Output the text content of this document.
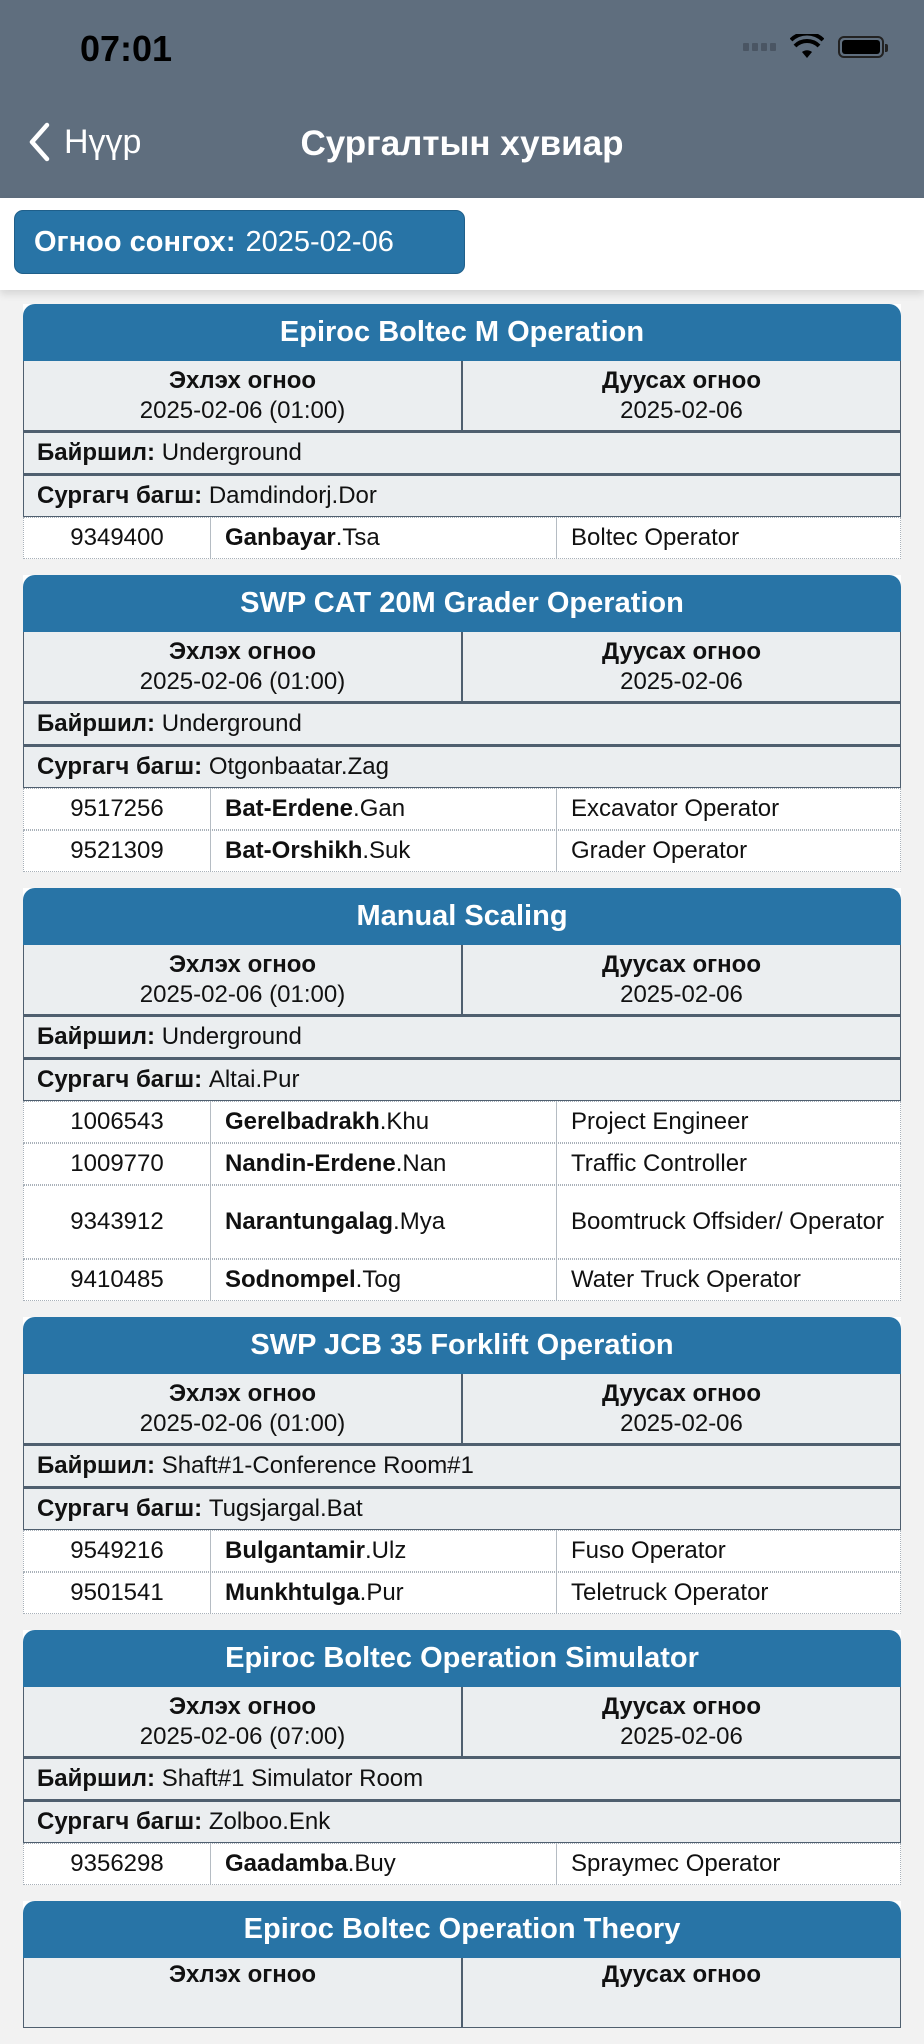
07:01
Нүүр	Сургалтын хувиар
Огноо сонгох: 2025-02-06
Epiroc Boltec M Operation
Эхлэх огноо
2025-02-06 (01:00)
Дуусах огноо
2025-02-06
Байршил:
Underground
Сургагч багш:
Damdindorj.Dor
9349400	Ganbayar .Tsa	Boltec Operator
SWP CAT 20M Grader Operation
Эхлэх огноо
2025-02-06 (01:00)
Дуусах огноо
2025-02-06
Байршил:
Underground
Сургагч багш:
Otgonbaatar.Zag
9517256	Bat-Erdene .Gan	Excavator Operator
9521309	Bat-Orshikh .Suk	Grader Operator
Manual Scaling
Эхлэх огноо
2025-02-06 (01:00)
Дуусах огноо
2025-02-06
Байршил:
Underground
Сургагч багш:
Altai.Pur
1006543	Gerelbadrakh .Khu	Project Engineer
1009770	Nandin-Erdene .Nan	Traffic Controller
9343912	Narantungalag .Mya	Boomtruck Offsider/ Operator
9410485	Sodnompel .Tog	Water Truck Operator
SWP JCB 35 Forklift Operation
Эхлэх огноо
2025-02-06 (01:00)
Дуусах огноо
2025-02-06
Байршил:
Shaft#1-Conference Room#1
Сургагч багш:
Tugsjargal.Bat
9549216	Bulgantamir .Ulz	Fuso Operator
9501541	Munkhtulga .Pur	Teletruck Operator
Epiroc Boltec Operation Simulator
Эхлэх огноо
2025-02-06 (07:00)
Дуусах огноо
2025-02-06
Байршил:
Shaft#1 Simulator Room
Сургагч багш:
Zolboo.Enk
9356298	Gaadamba .Buy	Spraymec Operator
Epiroc Boltec Operation Theory
Эхлэх огноо	Дуусах огноо
